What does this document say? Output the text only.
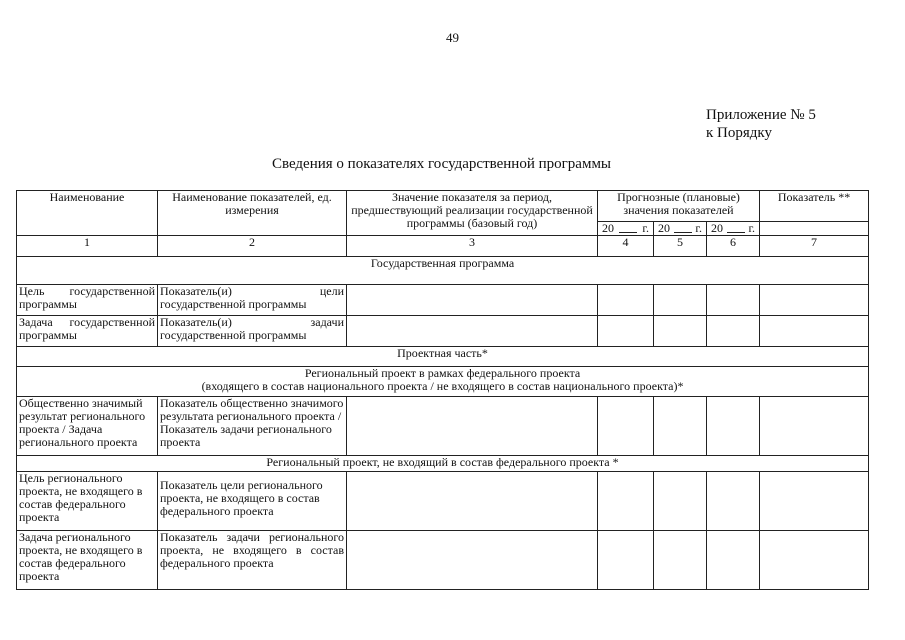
49
Приложение № 5
к Порядку
Сведения о показателях государственной программы
Наименование	Наименование показателей, ед. измерения	Значение показателя за период, предшествующий реализации государственной программы (базовый год)	Прогнозные (плановые) значения показателей			Показатель **

			20 г.	20 г.	20 г.	

1	2	3	4	5	6	7
Государственная программа						
Цель государственной программы	Показатель(и) цели государственной программы					
Задача государственной программы	Показатель(и) задачи государственной программы					
Проектная часть*						

Региональный проект в рамках федерального проекта
(входящего в состав национального проекта / не входящего в состав национального проекта)*						

Общественно значимый результат регионального проекта / Задача регионального проекта	Показатель общественно значимого результата регионального проекта / Показатель задачи регионального проекта					
Региональный проект, не входящий в состав федерального проекта *						
Цель регионального проекта, не входящего в состав федерального проекта	Показатель цели регионального проекта, не входящего в состав федерального проекта					
Задача регионального проекта, не входящего в состав федерального проекта	Показатель задачи регионального проекта, не входящего в состав федерального проекта					
